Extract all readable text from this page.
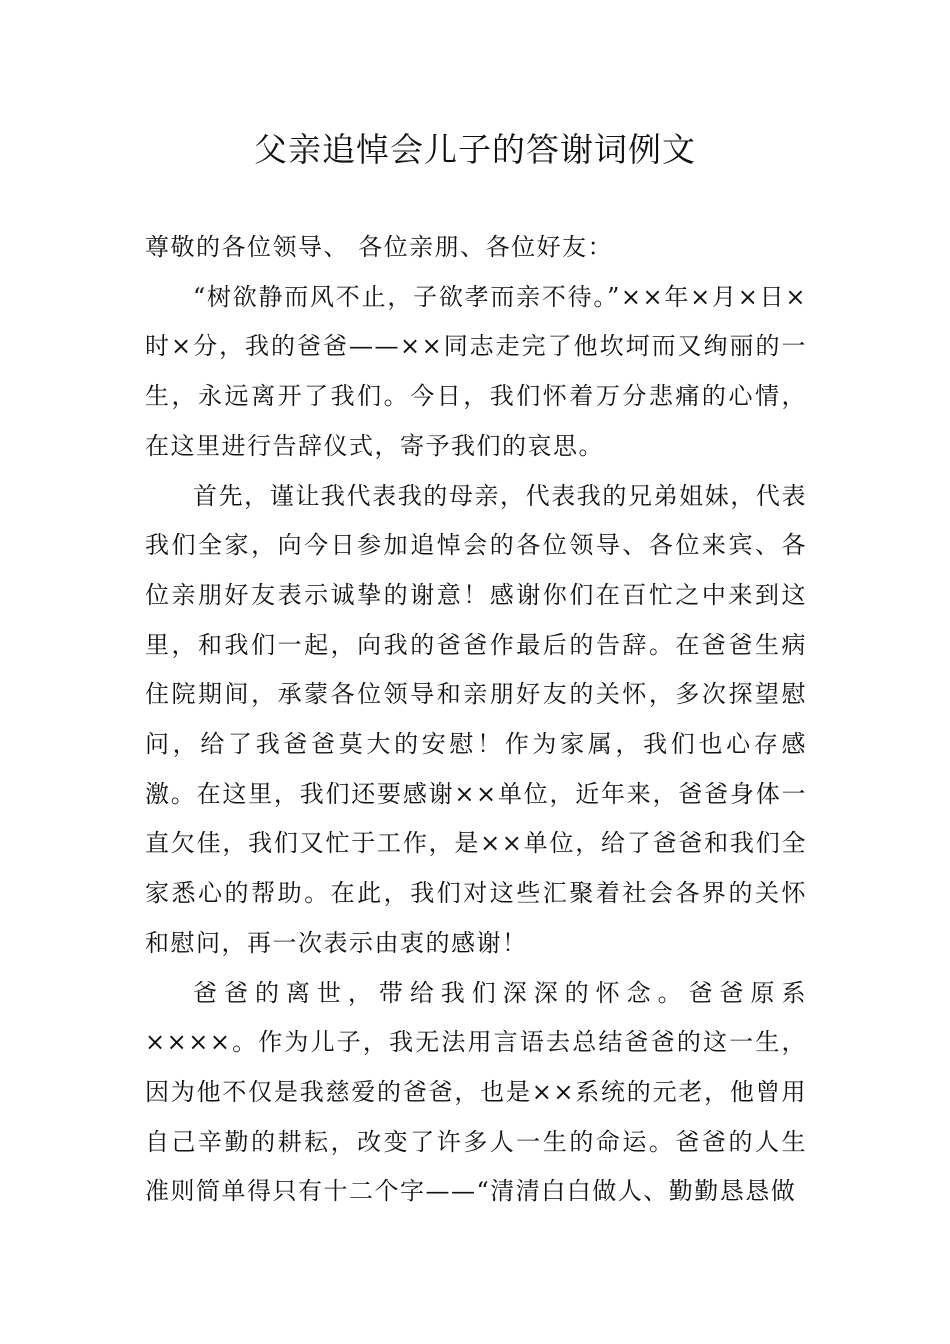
父亲追悼会儿子的答谢词例文

尊敬的各位领导、 各位亲朋、各位好友：

“树欲静而风不止，子欲孝而亲不待。”××年×月×日×时×分，我的爸爸——××同志走完了他坎坷而又绚丽的一生，永远离开了我们。今日，我们怀着万分悲痛的心情，在这里进行告辞仪式，寄予我们的哀思。

首先，谨让我代表我的母亲，代表我的兄弟姐妹，代表我们全家，向今日参加追悼会的各位领导、各位来宾、各位亲朋好友表示诚挚的谢意！感谢你们在百忙之中来到这里，和我们一起，向我的爸爸作最后的告辞。在爸爸生病住院期间，承蒙各位领导和亲朋好友的关怀，多次探望慰问，给了我爸爸莫大的安慰！作为家属，我们也心存感激。在这里，我们还要感谢××单位，近年来，爸爸身体一直欠佳，我们又忙于工作，是××单位，给了爸爸和我们全家悉心的帮助。在此，我们对这些汇聚着社会各界的关怀和慰问，再一次表示由衷的感谢！

爸爸的离世，带给我们深深的怀念。爸爸原系××××。作为儿子，我无法用言语去总结爸爸的这一生，因为他不仅是我慈爱的爸爸，也是××系统的元老，他曾用自己辛勤的耕耘，改变了许多人一生的命运。爸爸的人生准则简单得只有十二个字——“清清白白做人、勤勤恳恳做
